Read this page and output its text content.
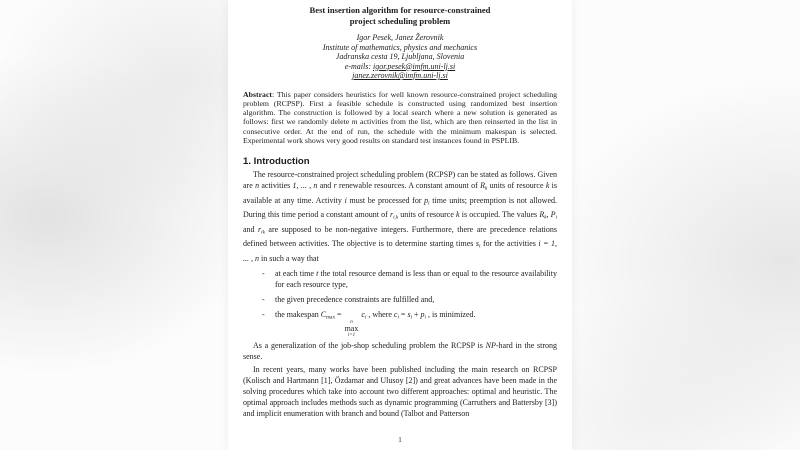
Best insertion algorithm for resource-constrained
project scheduling problem
Igor Pesek, Janez Žerovnik
Institute of mathematics, physics and mechanics
Jadranska cesta 19, Ljubljana, Slovenia
e-mails: igor.pesek@imfm.uni-lj.si
janez.zerovnik@imfm.uni-lj.si
Abstract: This paper considers heuristics for well known resource-constrained project scheduling problem (RCPSP). First a feasible schedule is constructed using randomized best insertion algorithm. The construction is followed by a local search where a new solution is generated as follows: first we randomly delete m activities from the list, which are then reinserted in the list in consecutive order. At the end of run, the schedule with the minimum makespan is selected. Experimental work shows very good results on standard test instances found in PSPLIB.
1. Introduction
The resource-constrained project scheduling problem (RCPSP) can be stated as follows. Given are n activities 1, ... , n and r renewable resources. A constant amount of Rk units of resource k is available at any time. Activity i must be processed for pi time units; preemption is not allowed. During this time period a constant amount of ri,k units of resource k is occupied. The values Rk, Pi and rik are supposed to be non-negative integers. Furthermore, there are precedence relations defined between activities. The objective is to determine starting times si for the activities i = 1, ... , n in such a way that
- at each time t the total resource demand is less than or equal to the resource availability for each resource type,
- the given precedence constraints are fulfilled and,
- the makespan Cmax =
n
max
i=1
ci , where ci = si + pi , is minimized.
As a generalization of the job-shop scheduling problem the RCPSP is NP-hard in the strong sense.
In recent years, many works have been published including the main research on RCPSP (Kolisch and Hartmann [1], Özdamar and Ulusoy [2]) and great advances have been made in the solving procedures which take into account two different approaches: optimal and heuristic. The optimal approach includes methods such as dynamic programming (Carruthers and Battersby [3]) and implicit enumeration with branch and bound (Talbot and Patterson
1
